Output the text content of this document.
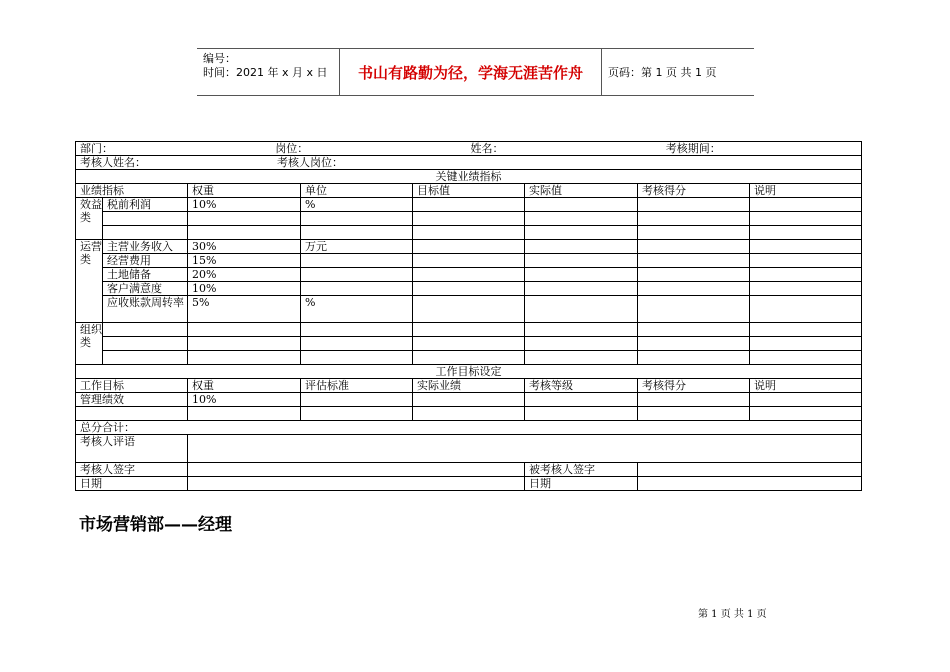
编号：
时间：2021 年 x 月 x 日	书山有路勤为径，学海无涯苦作舟	页码：第 1 页 共 1 页
部门： 岗位： 姓名： 考核期间：							

考核人姓名： 考核人岗位：							

关键业绩指标							
业绩指标		权重	单位	目标值	实际值	考核得分	说明
效益类	税前利润	10%	%				

运营类	主营业务收入	30%	万元				
	经营费用	15%					
	土地储备	20%					
	客户满意度	10%					
	应收账款周转率	5%	%				
组织类							

工作目标设定							
工作目标		权重	评估标准	实际业绩	考核等级	考核得分	说明
管理绩效		10%					

总分合计：							
考核人评语							
考核人签字					被考核人签字		
日期					日期		
市场营销部——经理
第 1 页 共 1 页
